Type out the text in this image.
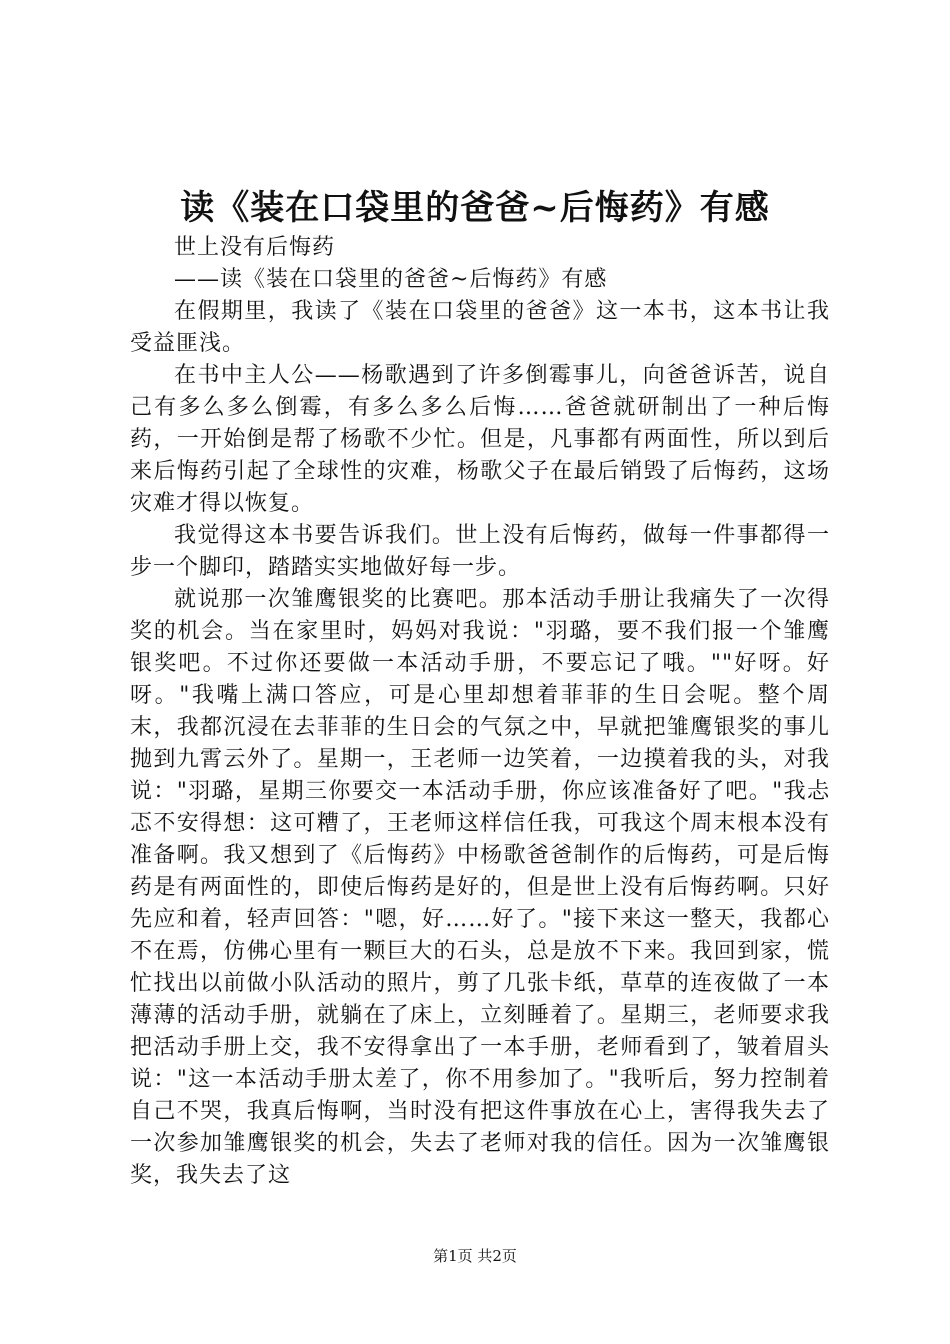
读《装在口袋里的爸爸~后悔药》有感

世上没有后悔药

——读《装在口袋里的爸爸~后悔药》有感

在假期里，我读了《装在口袋里的爸爸》这一本书，这本书让我受益匪浅。

在书中主人公——杨歌遇到了许多倒霉事儿，向爸爸诉苦，说自己有多么多么倒霉，有多么多么后悔……爸爸就研制出了一种后悔药，一开始倒是帮了杨歌不少忙。但是，凡事都有两面性，所以到后来后悔药引起了全球性的灾难，杨歌父子在最后销毁了后悔药，这场灾难才得以恢复。

我觉得这本书要告诉我们。世上没有后悔药，做每一件事都得一步一个脚印，踏踏实实地做好每一步。

就说那一次雏鹰银奖的比赛吧。那本活动手册让我痛失了一次得奖的机会。当在家里时，妈妈对我说："羽璐，要不我们报一个雏鹰银奖吧。不过你还要做一本活动手册，不要忘记了哦。""好呀。好呀。"我嘴上满口答应，可是心里却想着菲菲的生日会呢。整个周末，我都沉浸在去菲菲的生日会的气氛之中，早就把雏鹰银奖的事儿抛到九霄云外了。星期一，王老师一边笑着，一边摸着我的头，对我说："羽璐，星期三你要交一本活动手册，你应该准备好了吧。"我忐忑不安得想：这可糟了，王老师这样信任我，可我这个周末根本没有准备啊。我又想到了《后悔药》中杨歌爸爸制作的后悔药，可是后悔药是有两面性的，即使后悔药是好的，但是世上没有后悔药啊。只好先应和着，轻声回答："嗯，好……好了。"接下来这一整天，我都心不在焉，仿佛心里有一颗巨大的石头，总是放不下来。我回到家，慌忙找出以前做小队活动的照片，剪了几张卡纸，草草的连夜做了一本薄薄的活动手册，就躺在了床上，立刻睡着了。星期三，老师要求我把活动手册上交，我不安得拿出了一本手册，老师看到了，皱着眉头说："这一本活动手册太差了，你不用参加了。"我听后，努力控制着自己不哭，我真后悔啊，当时没有把这件事放在心上，害得我失去了一次参加雏鹰银奖的机会，失去了老师对我的信任。因为一次雏鹰银奖，我失去了这

第1页 共2页
